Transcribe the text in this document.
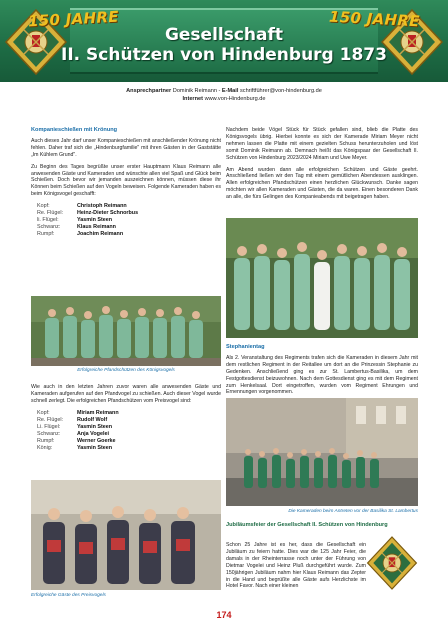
150 JAHRE	150 JAHRE
Gesellschaft
II. Schützen von Hindenburg 1873
Ansprechpartner Dominik Reimann - E-Mail schriftführer@von-hindenburg.de
Internet www.von-Hindenburg.de
Kompanieschießen mit Krönung

Auch dieses Jahr darf unser Kompanieschießen mit anschließender Krönung nicht fehlen. Daher traf sich die „Hindenburgfamilie" mit ihren Gästen in der Gaststätte „Im Kühlem Grund".

Zu Beginn des Tages begrüßte unser erster Hauptmann Klaus Reimann alle anwesenden Gäste und Kameraden und wünschte allen viel Spaß und Glück beim Schießen. Doch bevor wir jemanden auszeichnen können, müssen diese ihr Können beim Schießen auf den Vogeln beweisen. Folgende Kameraden haben es beim Königsvogel geschafft:

Kopf:	Christoph Reimann
Re. Flügel:	Heinz-Dieter Schnorbus
li. Flügel:	Yasmin Steen
Schwanz:	Klaus Reimann
Rumpf:	Joachim Reimann
Erfolgreiche Pfandschützen des Königsvogels

Wie auch in den letzten Jahren zuvor waren alle anwesenden Gäste und Kameraden aufgerufen auf den Pfandvogel zu schießen. Auch dieser Vogel wurde schnell zerlegt. Die erfolgreichen Pfandschützen vom Preisvogel sind:

Kopf:	Miriam Reimann
Re. Flügel:	Rudolf Wolf
Li. Flügel:	Yasmin Steen
Schwanz:	Anja Vogelei
Rumpf:	Werner Goerke
König:	Yasmin Steen
Erfolgreiche Gäste des Preisvogels

Nachdem beide Vögel Stück für Stück gefallen sind, blieb die Platte des Königsvogels übrig. Hierbei konnte es sich der Kamerade Miriam Meyer nicht nehmen lassen die Platte mit einem gezielten Schuss herunterzuholen und löst somit Dominik Reimann ab. Demnach heißt das Königspaar der Gesellschaft II. Schützen von Hindenburg 2023/2024 Miriam und Uwe Meyer.

Am Abend wurden dann alle erfolgreichen Schützen und Gäste geehrt. Anschließend ließen wir den Tag mit einem gemütlichen Abendessen ausklingen. Allen erfolgreichen Pfandschützen einen herzlichen Glückwunsch. Danke sagen möchten wir allen Kameraden und Gästen, die da waren. Einen besonderen Dank an alle, die fürs Gelingen des Kompanieabends mit beigetragen haben.

Stephanientag

Als 2. Veranstaltung des Regiments trafen sich die Kameraden in diesem Jahr mit dem restlichen Regiment in der Reitallee um dort an die Prinzessin Stephanie zu Gedenken. Anschließend ging es zur St. Lambertus-Basilika, um dem Festgottesdienst beizuwohnen. Nach dem Gottesdienst ging es mit dem Regiment zum Henkelsaal. Dort eingetroffen, wurden vom Regiment Ehrungen und Ernennungen vorgenommen.

Die Kameraden beim Antreten vor der Basilika St. Lambertus
Jubiläumsfeier der Gesellschaft II. Schützen von Hindenburg

Schon 25 Jahre ist es her, dass die Gesellschaft ein Jubiläum zu feiern hatte. Dies war die 125 Jahr Feier, die damals in der Rheinterrasse noch unter der Führung von Dietmar Vogelei und Heinz Pluß durchgeführt wurde. Zum 150jährigen Jubiläum nahm hier Klaus Reimann das Zepter in die Hand und begrüßte alle Gäste aufs Herzlichste im Hotel Favor. Nach einer kleinen

174
